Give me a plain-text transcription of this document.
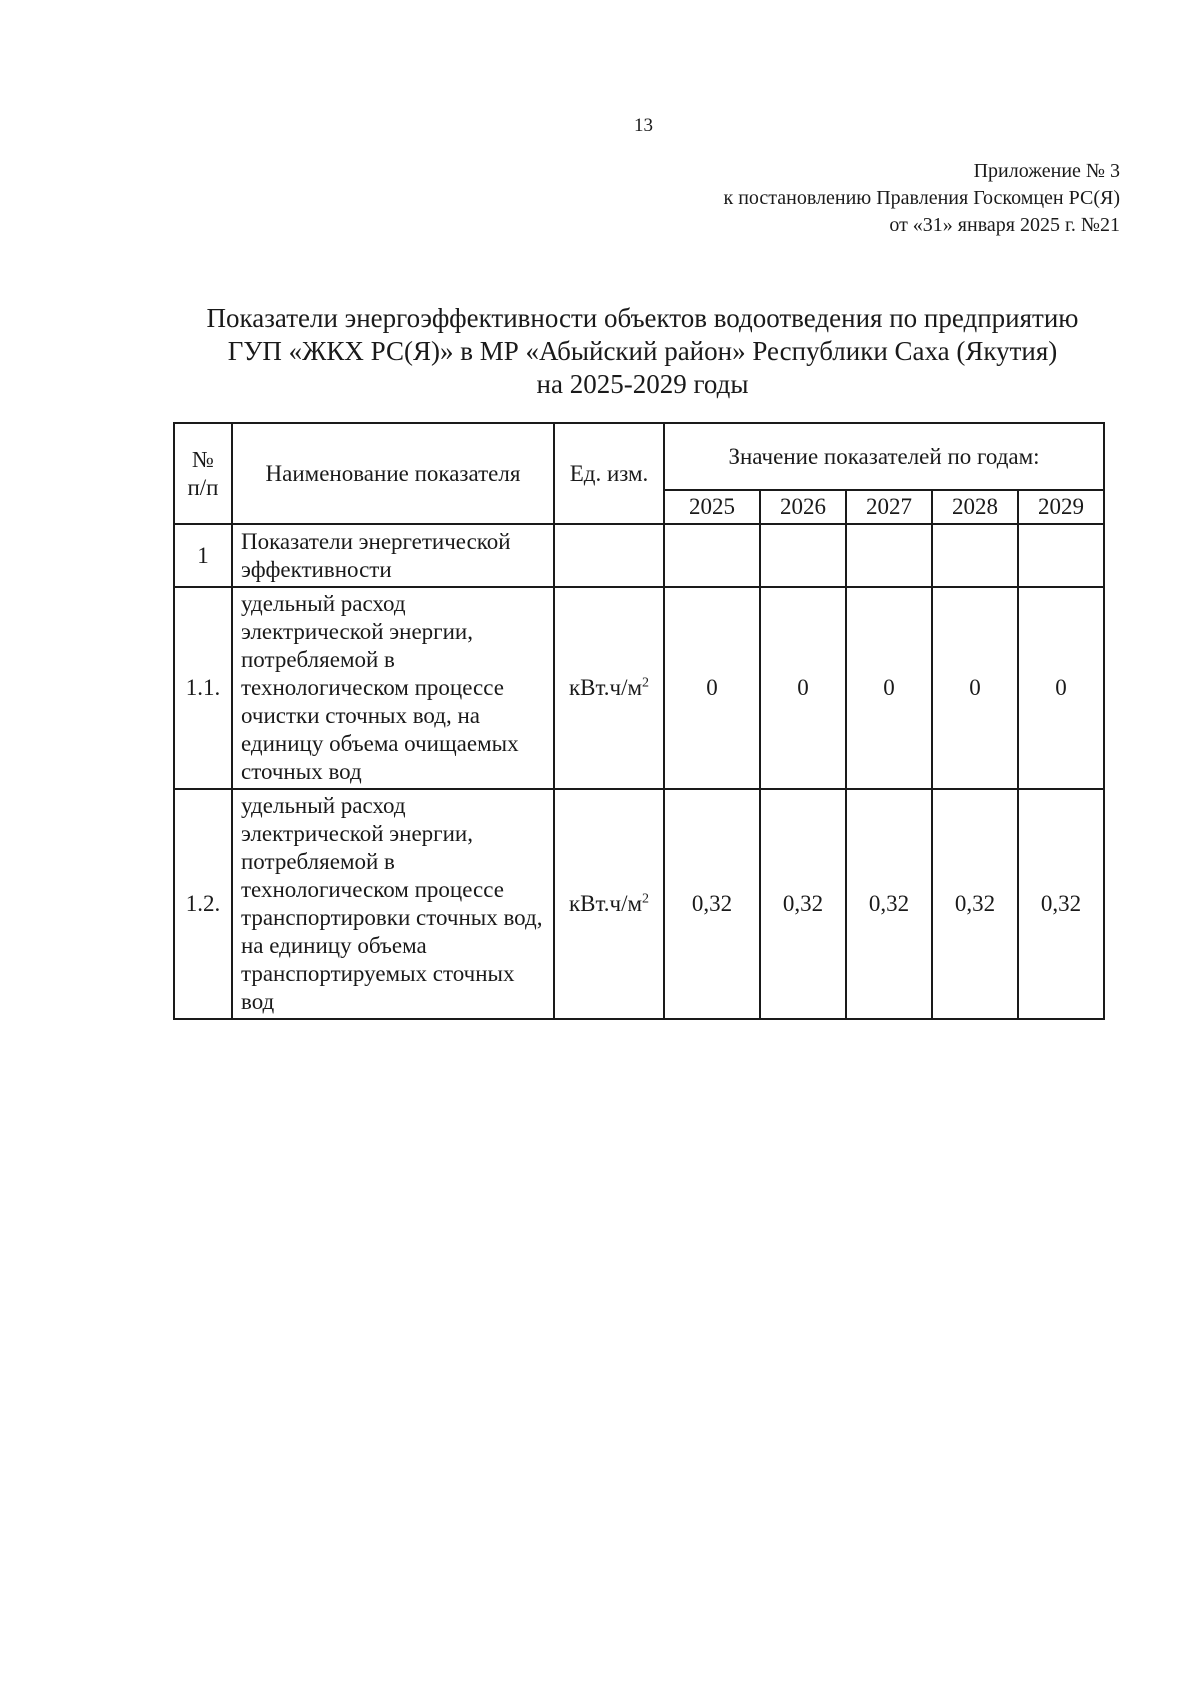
13
Приложение № 3
к постановлению Правления Госкомцен РС(Я)
от «31» января 2025 г. №21
Показатели энергоэффективности объектов водоотведения по предприятию
ГУП «ЖКХ РС(Я)» в МР «Абыйский район» Республики Саха (Якутия)
на 2025-2029 годы
№
п/п	Наименование показателя	Ед. изм.	Значение показателей по годам:				
			2025	2026	2027	2028	2029
1	Показатели энергетической эффективности						
1.1.	удельный расход электрической энергии, потребляемой в технологическом процессе очистки сточных вод, на единицу объема очищаемых сточных вод	$кВт.ч/м^2$	0	0	0	0	0
1.2.	удельный расход электрической энергии, потребляемой в технологическом процессе транспортировки сточных вод, на единицу объема транспортируемых сточных вод	$кВт.ч/м^2$	0,32	0,32	0,32	0,32	0,32
